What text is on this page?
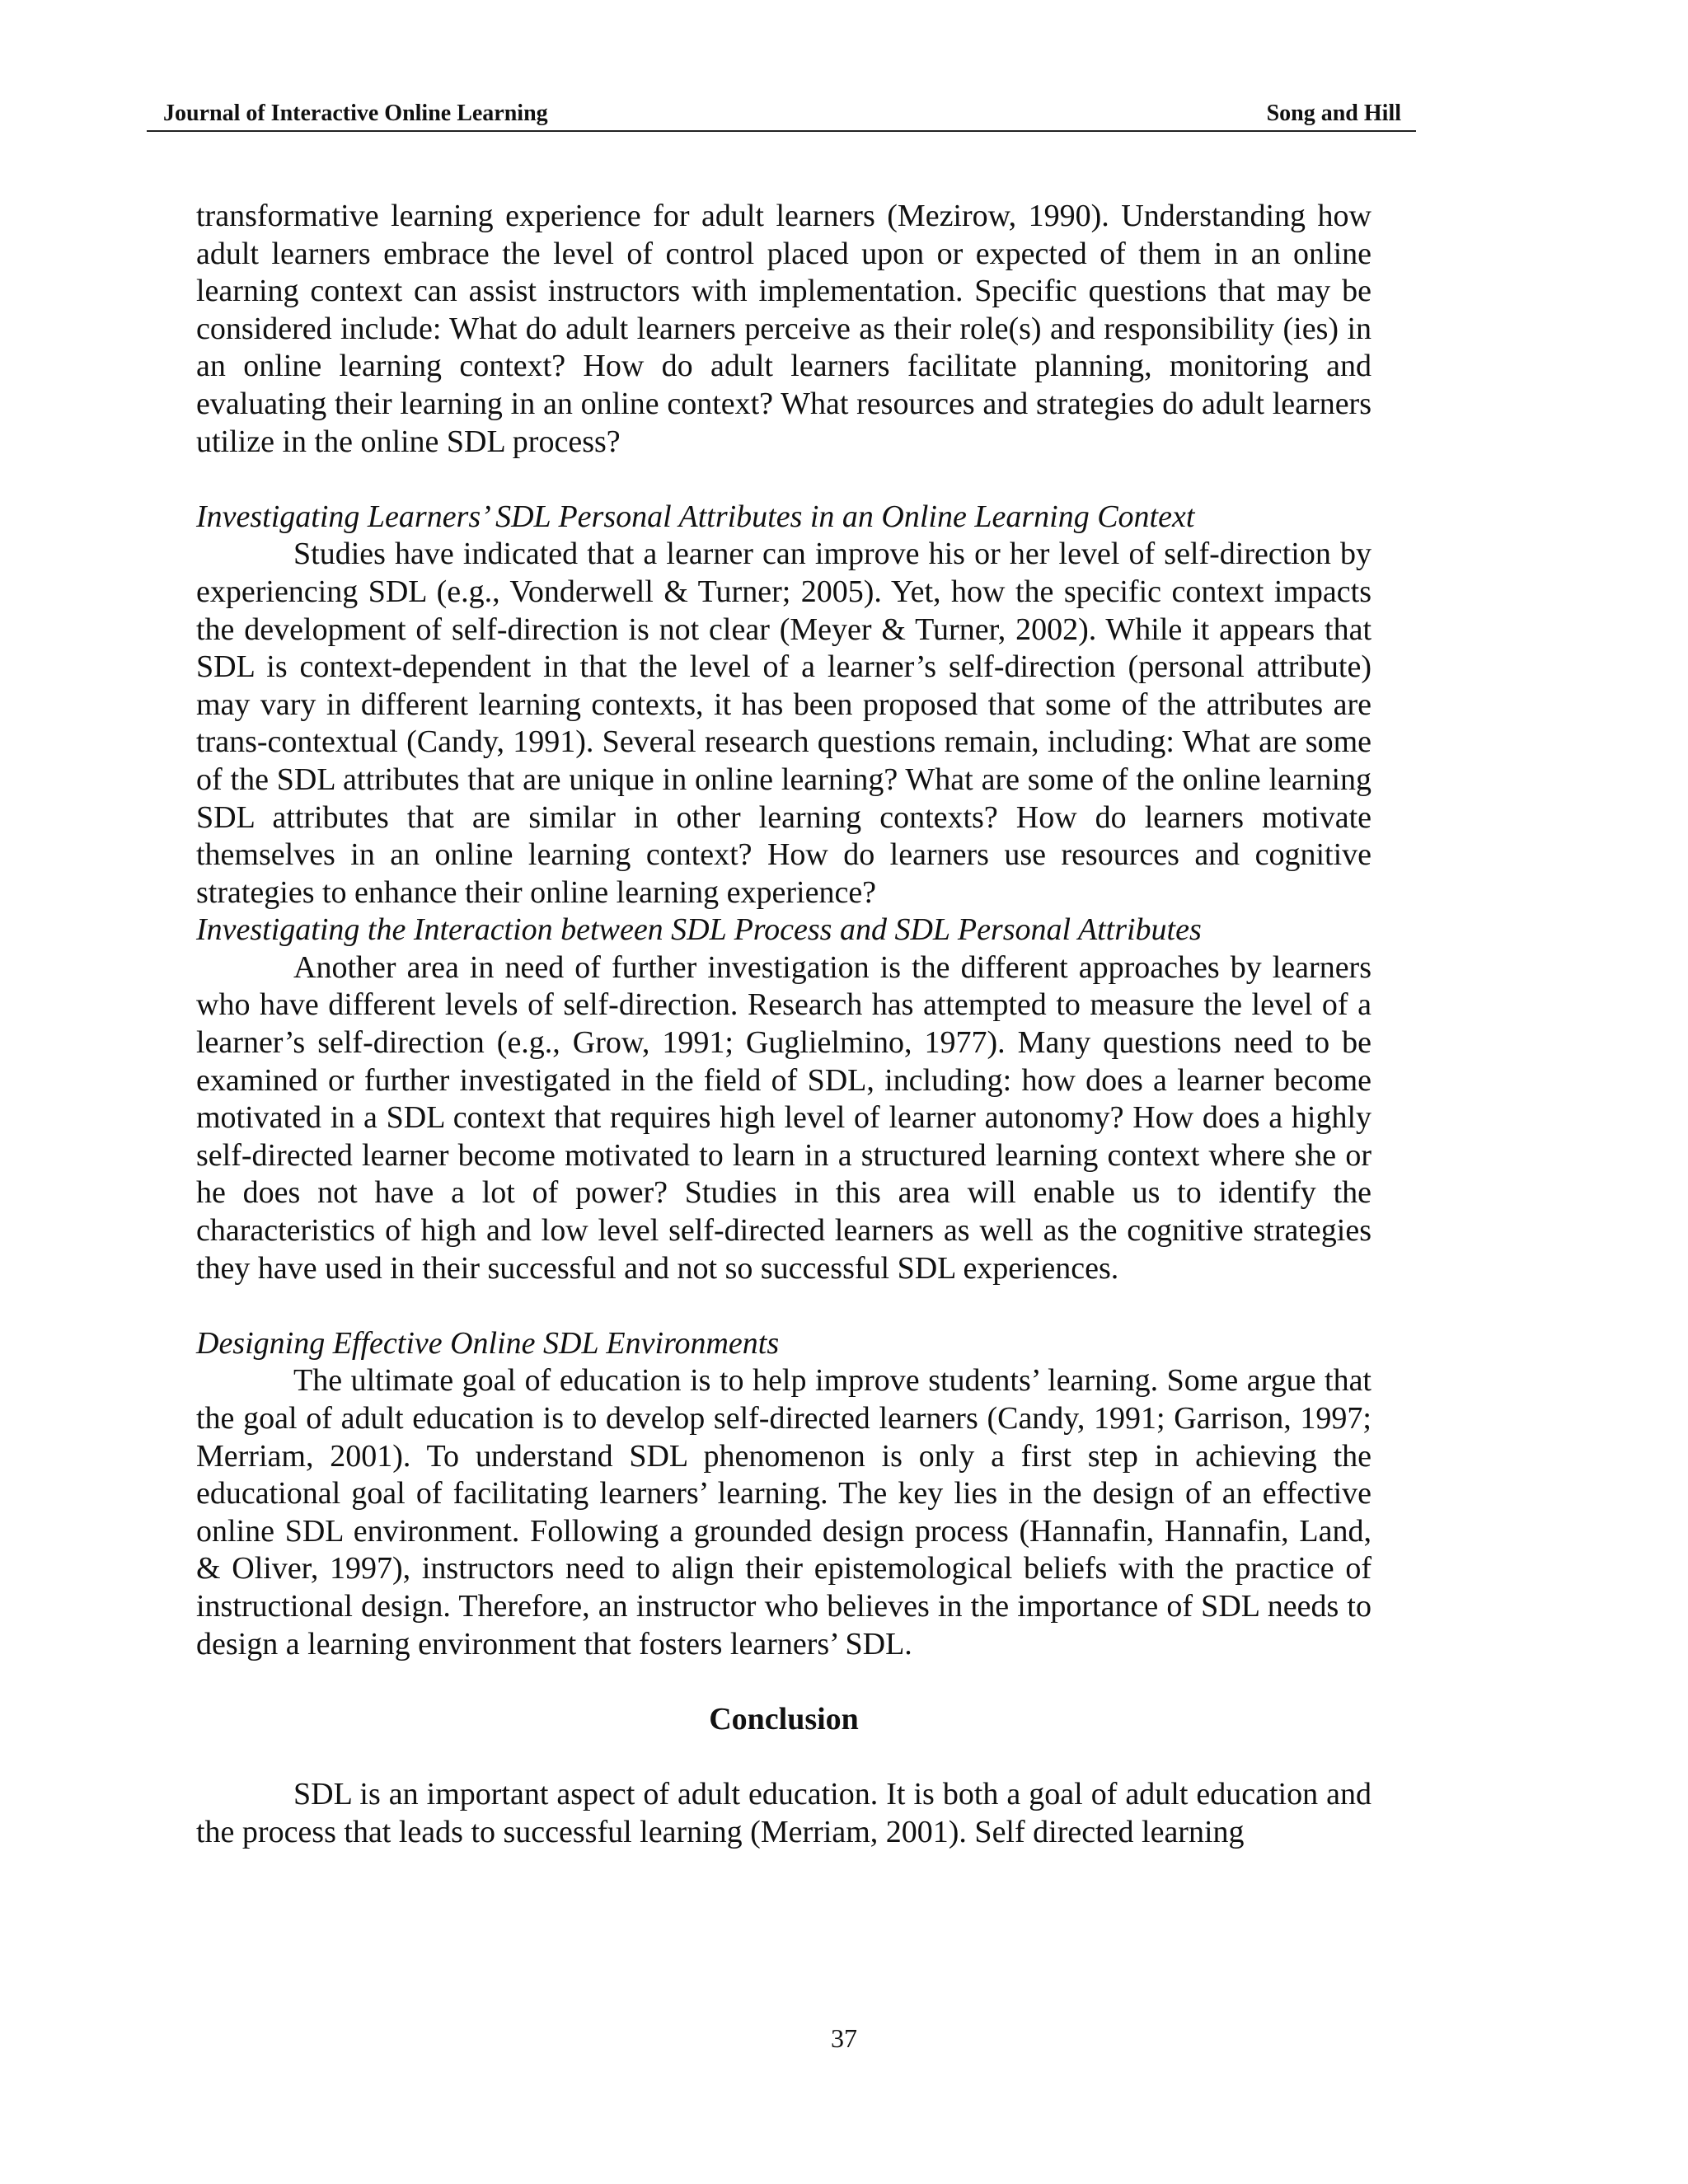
Journal of Interactive Online Learning	Song and Hill

transformative learning experience for adult learners (Mezirow, 1990). Understanding how adult learners embrace the level of control placed upon or expected of them in an online learning context can assist instructors with implementation. Specific questions that may be considered include: What do adult learners perceive as their role(s) and responsibility (ies) in an online learning context? How do adult learners facilitate planning, monitoring and evaluating their learning in an online context? What resources and strategies do adult learners utilize in the online SDL process?

Investigating Learners’ SDL Personal Attributes in an Online Learning Context

Studies have indicated that a learner can improve his or her level of self-direction by experiencing SDL (e.g., Vonderwell & Turner; 2005). Yet, how the specific context impacts the development of self-direction is not clear (Meyer & Turner, 2002). While it appears that SDL is context-dependent in that the level of a learner’s self-direction (personal attribute) may vary in different learning contexts, it has been proposed that some of the attributes are trans-contextual (Candy, 1991). Several research questions remain, including: What are some of the SDL attributes that are unique in online learning? What are some of the online learning SDL attributes that are similar in other learning contexts? How do learners motivate themselves in an online learning context? How do learners use resources and cognitive strategies to enhance their online learning experience?

Investigating the Interaction between SDL Process and SDL Personal Attributes

Another area in need of further investigation is the different approaches by learners who have different levels of self-direction. Research has attempted to measure the level of a learner’s self-direction (e.g., Grow, 1991; Guglielmino, 1977). Many questions need to be examined or further investigated in the field of SDL, including: how does a learner become motivated in a SDL context that requires high level of learner autonomy? How does a highly self-directed learner become motivated to learn in a structured learning context where she or he does not have a lot of power? Studies in this area will enable us to identify the characteristics of high and low level self-directed learners as well as the cognitive strategies they have used in their successful and not so successful SDL experiences.

Designing Effective Online SDL Environments

The ultimate goal of education is to help improve students’ learning. Some argue that the goal of adult education is to develop self-directed learners (Candy, 1991; Garrison, 1997; Merriam, 2001). To understand SDL phenomenon is only a first step in achieving the educational goal of facilitating learners’ learning. The key lies in the design of an effective online SDL environment. Following a grounded design process (Hannafin, Hannafin, Land, & Oliver, 1997), instructors need to align their epistemological beliefs with the practice of instructional design. Therefore, an instructor who believes in the importance of SDL needs to design a learning environment that fosters learners’ SDL.

Conclusion

SDL is an important aspect of adult education. It is both a goal of adult education and the process that leads to successful learning (Merriam, 2001). Self directed learning

37
